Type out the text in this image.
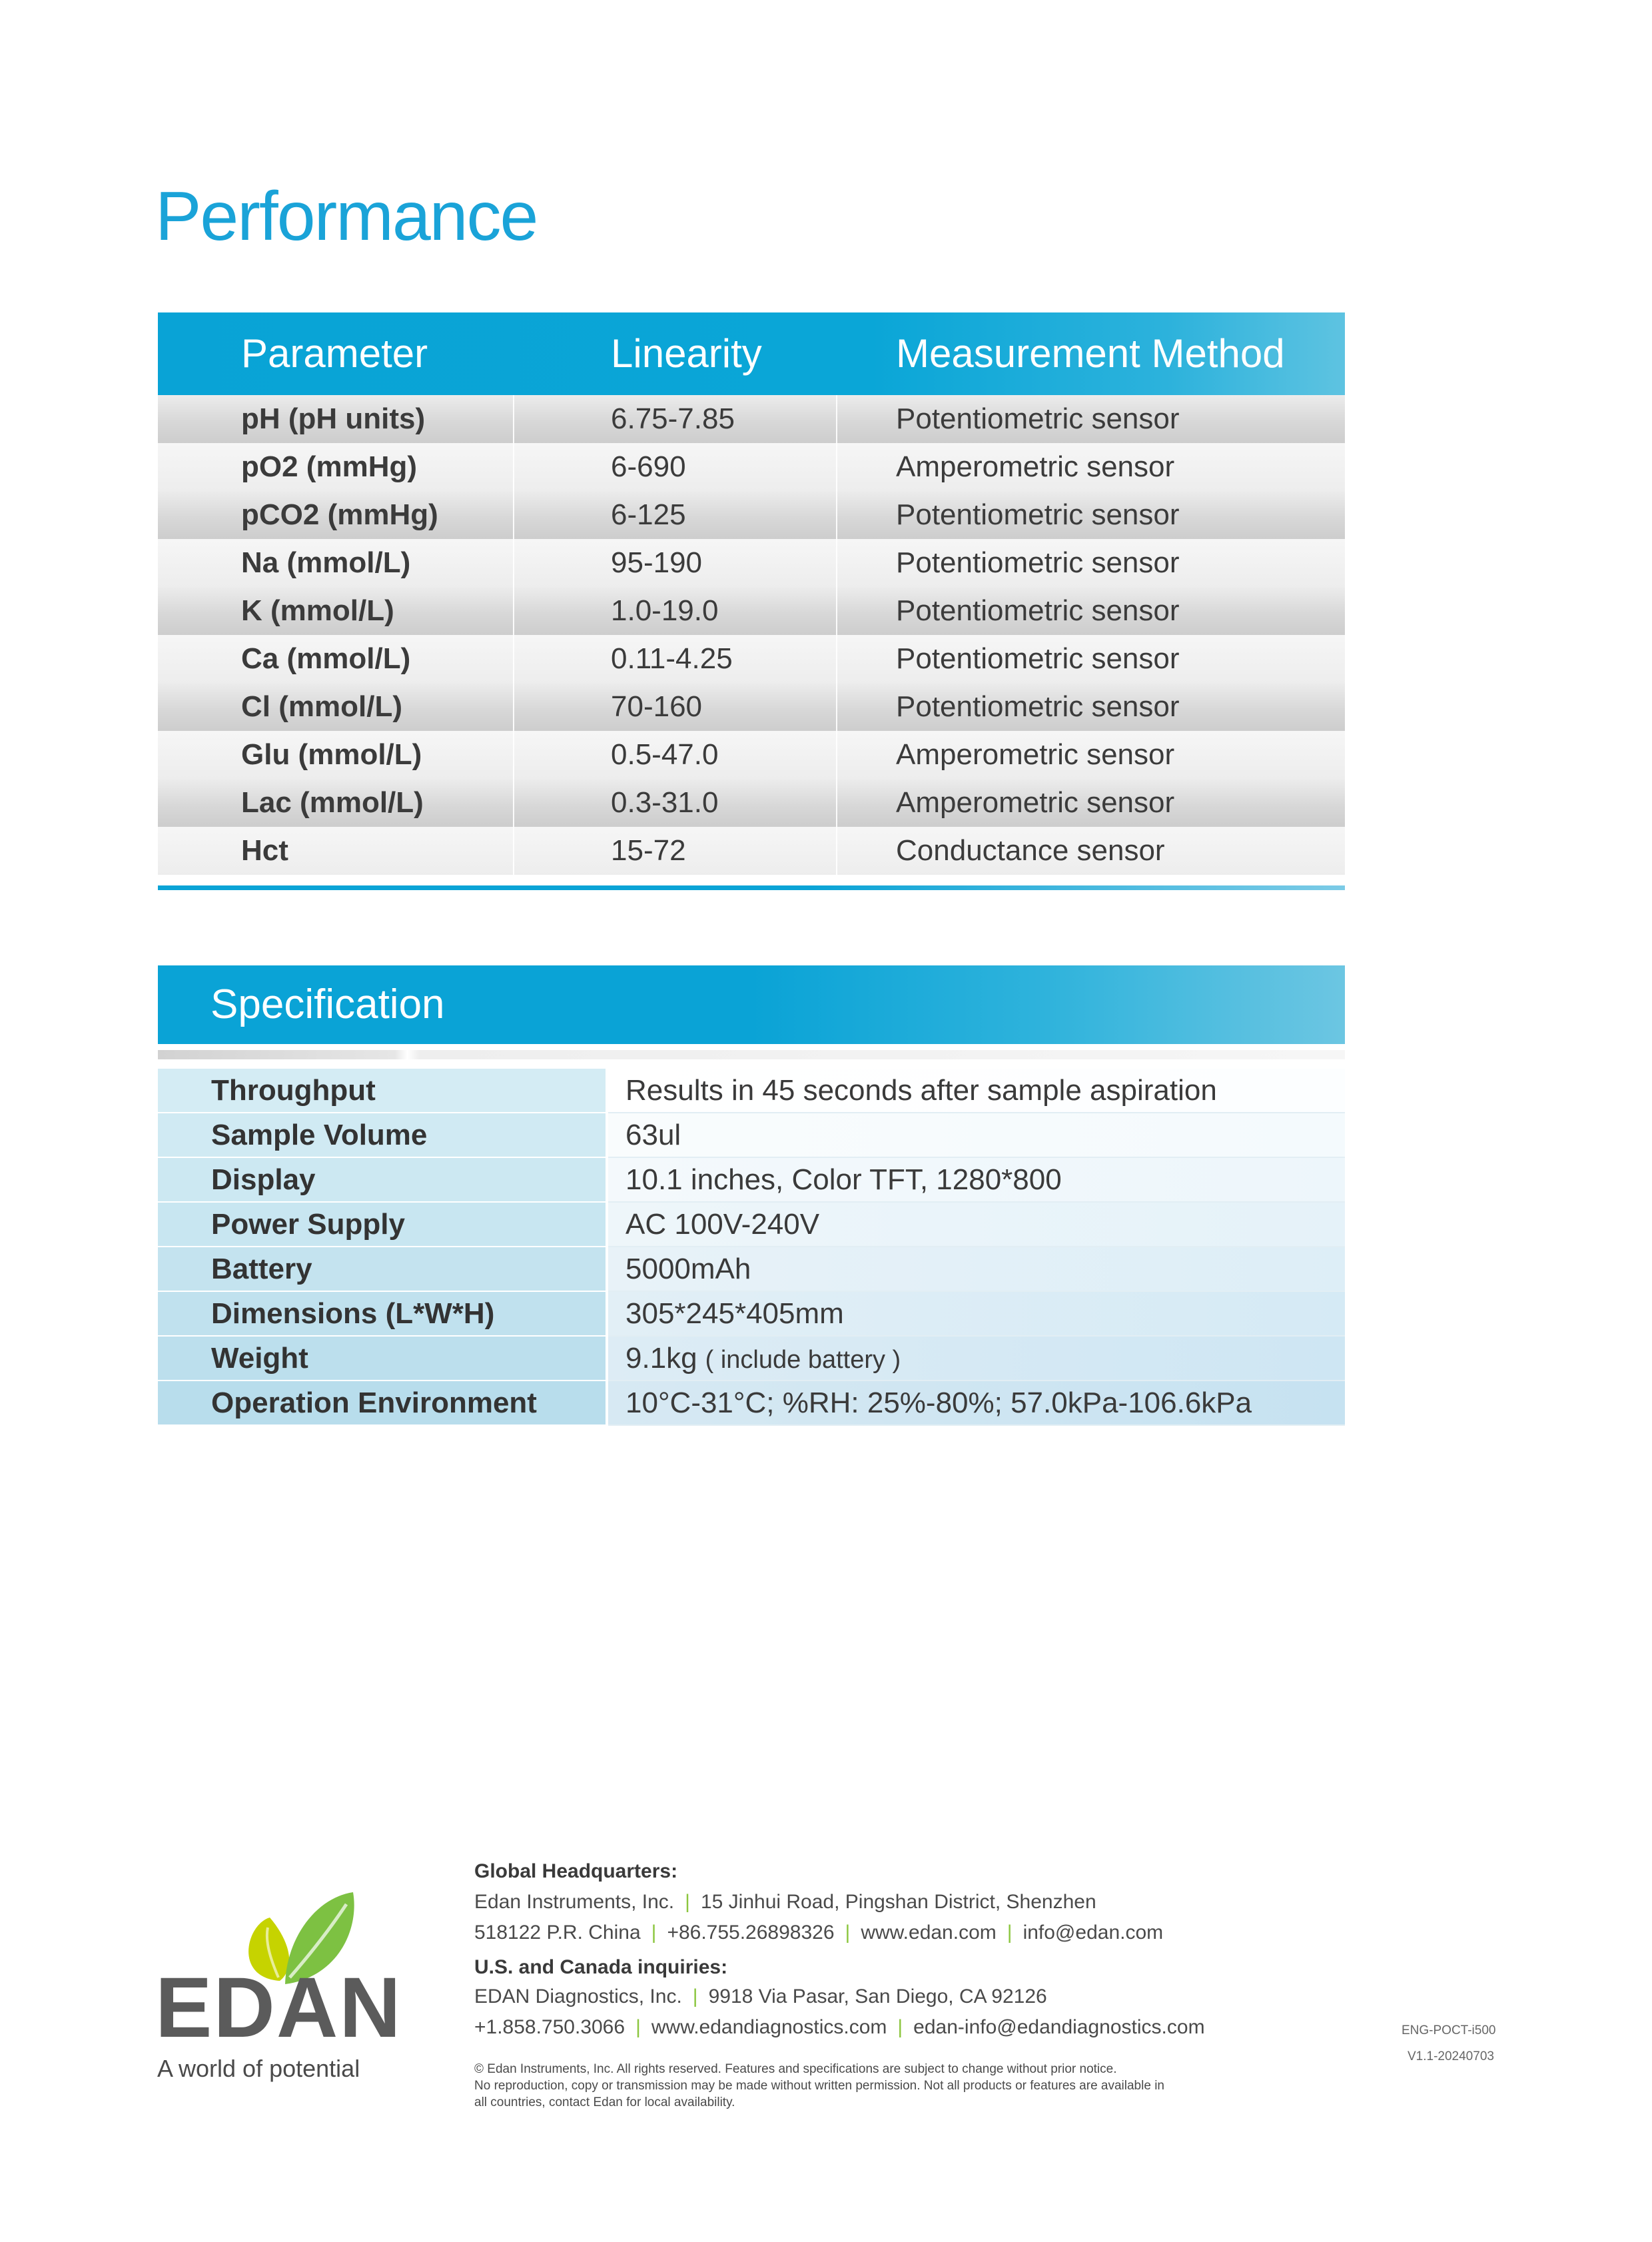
Performance
Parameter	Linearity	Measurement Method
pH (pH units)	6.75-7.85	Potentiometric sensor
pO2 (mmHg)	6-690	Amperometric sensor
pCO2 (mmHg)	6-125	Potentiometric sensor
Na (mmol/L)	95-190	Potentiometric sensor
K (mmol/L)	1.0-19.0	Potentiometric sensor
Ca (mmol/L)	0.11-4.25	Potentiometric sensor
Cl (mmol/L)	70-160	Potentiometric sensor
Glu (mmol/L)	0.5-47.0	Amperometric sensor
Lac (mmol/L)	0.3-31.0	Amperometric sensor
Hct	15-72	Conductance sensor
Specification
Throughput	Results in 45 seconds after sample aspiration
Sample Volume	63ul
Display	10.1 inches, Color TFT, 1280*800
Power Supply	AC 100V-240V
Battery	5000mAh
Dimensions (L*W*H)	305*245*405mm
Weight	9.1kg ( include battery )
Operation Environment	10°C-31°C; %RH: 25%-80%; 57.0kPa-106.6kPa
EDAN
A world of potential
Global Headquarters:
Edan Instruments, Inc. | 15 Jinhui Road, Pingshan District, Shenzhen
518122 P.R. China | +86.755.26898326 | www.edan.com | info@edan.com
U.S. and Canada inquiries:
EDAN Diagnostics, Inc. | 9918 Via Pasar, San Diego, CA 92126
+1.858.750.3066 | www.edandiagnostics.com | edan-info@edandiagnostics.com
© Edan Instruments, Inc. All rights reserved. Features and specifications are subject to change without prior notice.
No reproduction, copy or transmission may be made without written permission. Not all products or features are available in
all countries, contact Edan for local availability.
ENG-POCT-i500
V1.1-20240703
